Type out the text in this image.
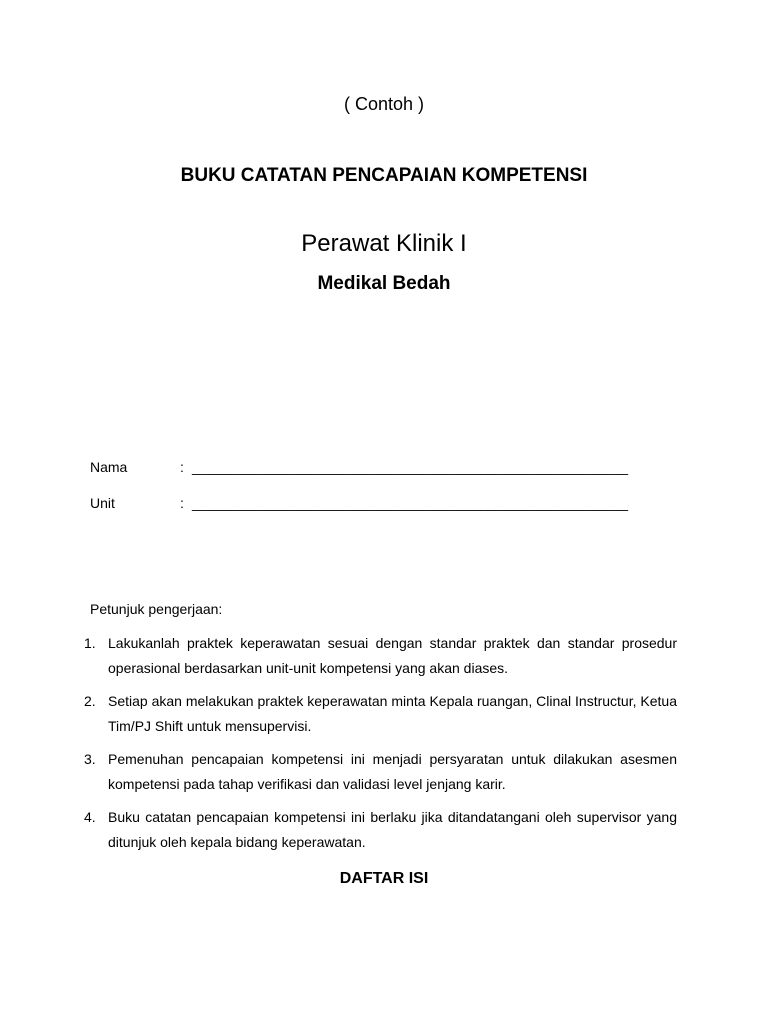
( Contoh )
BUKU CATATAN PENCAPAIAN KOMPETENSI
Perawat Klinik I
Medikal Bedah
Nama	: ________________________________________________________
Unit	: ________________________________________________________
Petunjuk pengerjaan:
1. Lakukanlah praktek keperawatan sesuai dengan standar praktek dan standar prosedur operasional berdasarkan unit-unit kompetensi yang akan diases.
2. Setiap akan melakukan praktek keperawatan minta Kepala ruangan, Clinal Instructur, Ketua Tim/PJ Shift untuk mensupervisi.
3. Pemenuhan pencapaian kompetensi ini menjadi persyaratan untuk dilakukan asesmen kompetensi pada tahap verifikasi dan validasi level jenjang karir.
4. Buku catatan pencapaian kompetensi ini berlaku jika ditandatangani oleh supervisor yang ditunjuk oleh kepala bidang keperawatan.
DAFTAR ISI
